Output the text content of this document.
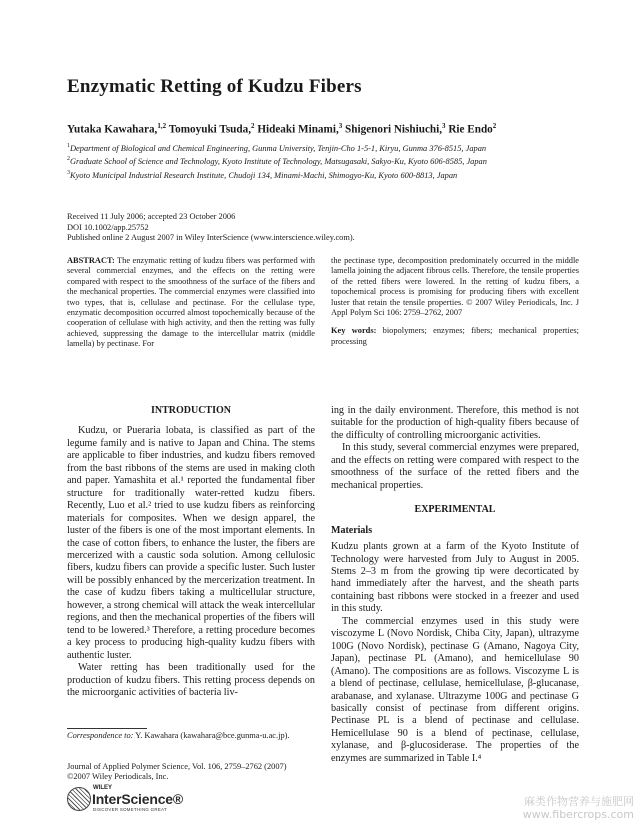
Enzymatic Retting of Kudzu Fibers
Yutaka Kawahara,$^{1,2}$ Tomoyuki Tsuda,$^2$ Hideaki Minami,$^3$ Shigenori Nishiuchi,$^3$ Rie Endo$^2$
$^1$Department of Biological and Chemical Engineering, Gunma University, Tenjin-Cho 1-5-1, Kiryu, Gunma 376-8515, Japan
$^2$Graduate School of Science and Technology, Kyoto Institute of Technology, Matsugasaki, Sakyo-Ku, Kyoto 606-8585, Japan
$^3$Kyoto Municipal Industrial Research Institute, Chudoji 134, Minami-Machi, Shimogyo-Ku, Kyoto 600-8813, Japan
Received 11 July 2006; accepted 23 October 2006
DOI 10.1002/app.25752
Published online 2 August 2007 in Wiley InterScience (www.interscience.wiley.com).
ABSTRACT: The enzymatic retting of kudzu fibers was performed with several commercial enzymes, and the effects on the retting were compared with respect to the smoothness of the surface of the fibers and the mechanical properties. The commercial enzymes were classified into two types, that is, cellulase and pectinase. For the cellulase type, enzymatic decomposition occurred almost topochemically because of the cooperation of cellulase with high activity, and then the retting was fully achieved, suppressing the damage to the intercellular matrix (middle lamella) by pectinase. For
the pectinase type, decomposition predominately occurred in the middle lamella joining the adjacent fibrous cells. Therefore, the tensile properties of the retted fibers were lowered. In the retting of kudzu fibers, a topochemical process is promising for producing fibers with excellent luster that retain the tensile properties. © 2007 Wiley Periodicals, Inc. J Appl Polym Sci 106: 2759–2762, 2007
Key words: biopolymers; enzymes; fibers; mechanical properties; processing
INTRODUCTION

Kudzu, or Pueraria lobata, is classified as part of the legume family and is native to Japan and China. The stems are applicable to fiber industries, and kudzu fibers removed from the bast ribbons of the stems are used in making cloth and paper. Yamashita et al.¹ reported the fundamental fiber structure for traditionally water-retted kudzu fibers. Recently, Luo et al.² tried to use kudzu fibers as reinforcing materials for composites. When we design apparel, the luster of the fibers is one of the most important elements. In the case of cotton fibers, to enhance the luster, the fibers are mercerized with a caustic soda solution. Among cellulosic fibers, kudzu fibers can provide a specific luster. Such luster will be possibly enhanced by the mercerization treatment. In the case of kudzu fibers taking a multicellular structure, however, a strong chemical will attack the weak intercellular regions, and then the mechanical properties of the fibers will tend to be lowered.³ Therefore, a retting procedure becomes a key process to producing high-quality kudzu fibers with authentic luster.

Water retting has been traditionally used for the production of kudzu fibers. This retting process depends on the microorganic activities of bacteria liv-

ing in the daily environment. Therefore, this method is not suitable for the production of high-quality fibers because of the difficulty of controlling microorganic activities.

In this study, several commercial enzymes were prepared, and the effects on retting were compared with respect to the smoothness of the surface of the retted fibers and the mechanical properties.

EXPERIMENTAL
Materials

Kudzu plants grown at a farm of the Kyoto Institute of Technology were harvested from July to August in 2005. Stems 2–3 m from the growing tip were decorticated by hand immediately after the harvest, and the sheath parts containing bast ribbons were stocked in a freezer and used in this study.

The commercial enzymes used in this study were viscozyme L (Novo Nordisk, Chiba City, Japan), ultrazyme 100G (Novo Nordisk), pectinase G (Amano, Nagoya City, Japan), pectinase PL (Amano), and hemicellulase 90 (Amano). The compositions are as follows. Viscozyme L is a blend of pectinase, cellulase, hemicellulase, β-glucanase, arabanase, and xylanase. Ultrazyme 100G and pectinase G basically consist of pectinase from different origins. Pectinase PL is a blend of pectinase and cellulase. Hemicellulase 90 is a blend of pectinase, cellulase, xylanase, and β-glucosiderase. The properties of the enzymes are summarized in Table I.⁴

Correspondence to: Y. Kawahara (kawahara@bce.gunma-u.ac.jp).
Journal of Applied Polymer Science, Vol. 106, 2759–2762 (2007)
©2007 Wiley Periodicals, Inc.
WILEY
InterScience®
DISCOVER SOMETHING GREAT
麻类作物营养与施肥网
www.fibercrops.com
